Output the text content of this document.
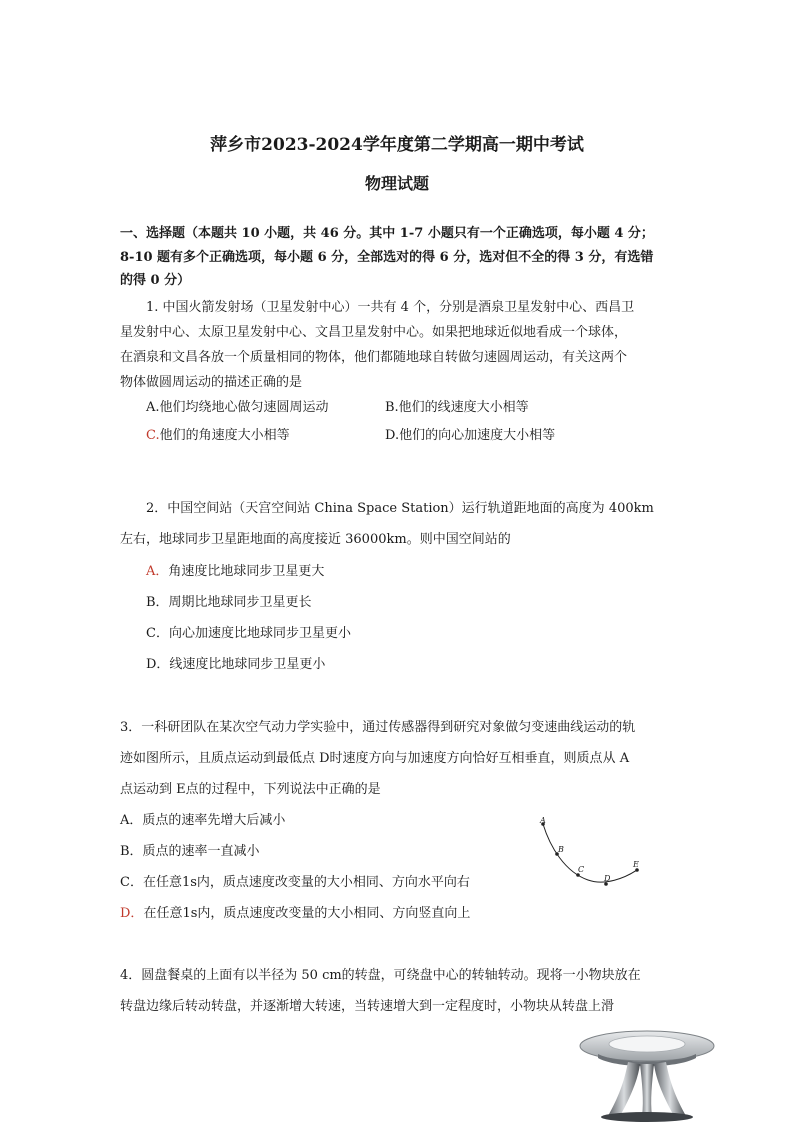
萍乡市2023-2024学年度第二学期高一期中考试
物理试题
一、选择题（本题共 10 小题，共 46 分。其中 1-7 小题只有一个正确选项，每小题 4 分；
8-10 题有多个正确选项，每小题 6 分，全部选对的得 6 分，选对但不全的得 3 分，有选错
的得 0 分）
1. 中国火箭发射场（卫星发射中心）一共有 4 个，分别是酒泉卫星发射中心、西昌卫
星发射中心、太原卫星发射中心、文昌卫星发射中心。如果把地球近似地看成一个球体，
在酒泉和文昌各放一个质量相同的物体，他们都随地球自转做匀速圆周运动，有关这两个
物体做圆周运动的描述正确的是
A.他们均绕地心做匀速圆周运动	B.他们的线速度大小相等
C.他们的角速度大小相等	D.他们的向心加速度大小相等
2．中国空间站（天宫空间站 China Space Station）运行轨道距地面的高度为 400km
左右，地球同步卫星距地面的高度接近 36000km。则中国空间站的
A．角速度比地球同步卫星更大
B．周期比地球同步卫星更长
C．向心加速度比地球同步卫星更小
D．线速度比地球同步卫星更小
3．一科研团队在某次空气动力学实验中，通过传感器得到研究对象做匀变速曲线运动的轨
迹如图所示，且质点运动到最低点 D时速度方向与加速度方向恰好互相垂直，则质点从 A
点运动到 E点的过程中，下列说法中正确的是
A．质点的速率先增大后减小
B．质点的速率一直减小
C．在任意1s内，质点速度改变量的大小相同、方向水平向右
D．在任意1s内，质点速度改变量的大小相同、方向竖直向上
A
B
C
D
E
4．圆盘餐桌的上面有以半径为 50 cm的转盘，可绕盘中心的转轴转动。现将一小物块放在
转盘边缘后转动转盘，并逐渐增大转速，当转速增大到一定程度时，小物块从转盘上滑
